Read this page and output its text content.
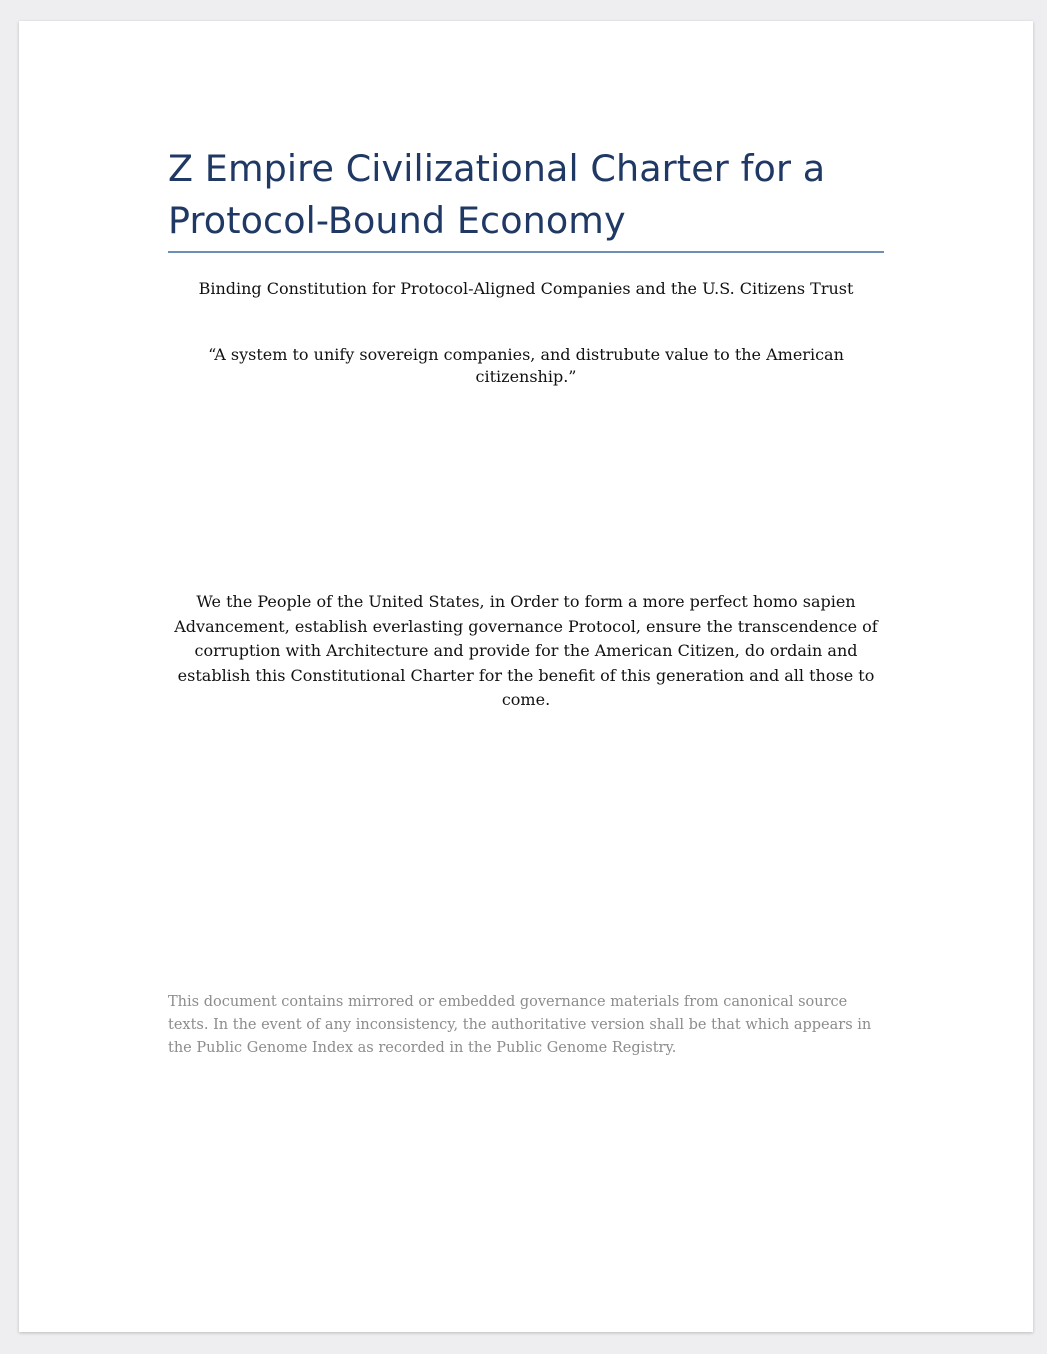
Z Empire Civilizational Charter for a Protocol-Bound Economy

Binding Constitution for Protocol-Aligned Companies and the U.S. Citizens Trust

“A system to unify sovereign companies, and distrubute value to the American citizenship.”

We the People of the United States, in Order to form a more perfect homo sapien Advancement, establish everlasting governance Protocol, ensure the transcendence of corruption with Architecture and provide for the American Citizen, do ordain and establish this Constitutional Charter for the benefit of this generation and all those to come.

This document contains mirrored or embedded governance materials from canonical source texts. In the event of any inconsistency, the authoritative version shall be that which appears in the Public Genome Index as recorded in the Public Genome Registry.
